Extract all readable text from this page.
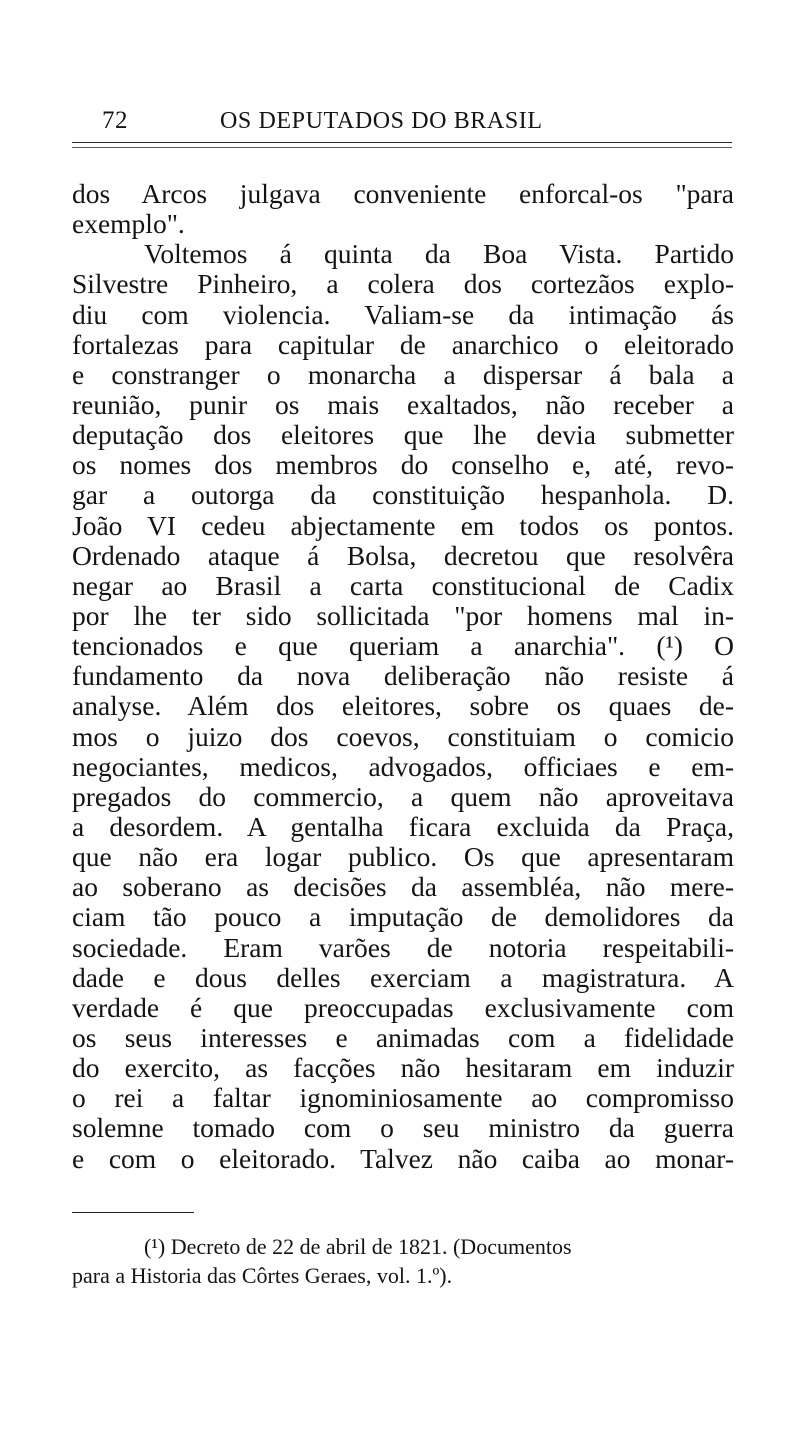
72	OS DEPUTADOS DO BRASIL
dos Arcos julgava conveniente enforcal-os "para
exemplo".
Voltemos á quinta da Boa Vista. Partido
Silvestre Pinheiro, a colera dos cortezãos explo-
diu com violencia. Valiam-se da intimação ás
fortalezas para capitular de anarchico o eleitorado
e constranger o monarcha a dispersar á bala a
reunião, punir os mais exaltados, não receber a
deputação dos eleitores que lhe devia submetter
os nomes dos membros do conselho e, até, revo-
gar a outorga da constituição hespanhola. D.
João VI cedeu abjectamente em todos os pontos.
Ordenado ataque á Bolsa, decretou que resolvêra
negar ao Brasil a carta constitucional de Cadix
por lhe ter sido sollicitada "por homens mal in-
tencionados e que queriam a anarchia". (¹) O
fundamento da nova deliberação não resiste á
analyse. Além dos eleitores, sobre os quaes de-
mos o juizo dos coevos, constituiam o comicio
negociantes, medicos, advogados, officiaes e em-
pregados do commercio, a quem não aproveitava
a desordem. A gentalha ficara excluida da Praça,
que não era logar publico. Os que apresentaram
ao soberano as decisões da assembléa, não mere-
ciam tão pouco a imputação de demolidores da
sociedade. Eram varões de notoria respeitabili-
dade e dous delles exerciam a magistratura. A
verdade é que preoccupadas exclusivamente com
os seus interesses e animadas com a fidelidade
do exercito, as facções não hesitaram em induzir
o rei a faltar ignominiosamente ao compromisso
solemne tomado com o seu ministro da guerra
e com o eleitorado. Talvez não caiba ao monar-
(¹) Decreto de 22 de abril de 1821. (Documentos
para a Historia das Côrtes Geraes, vol. 1.º).
